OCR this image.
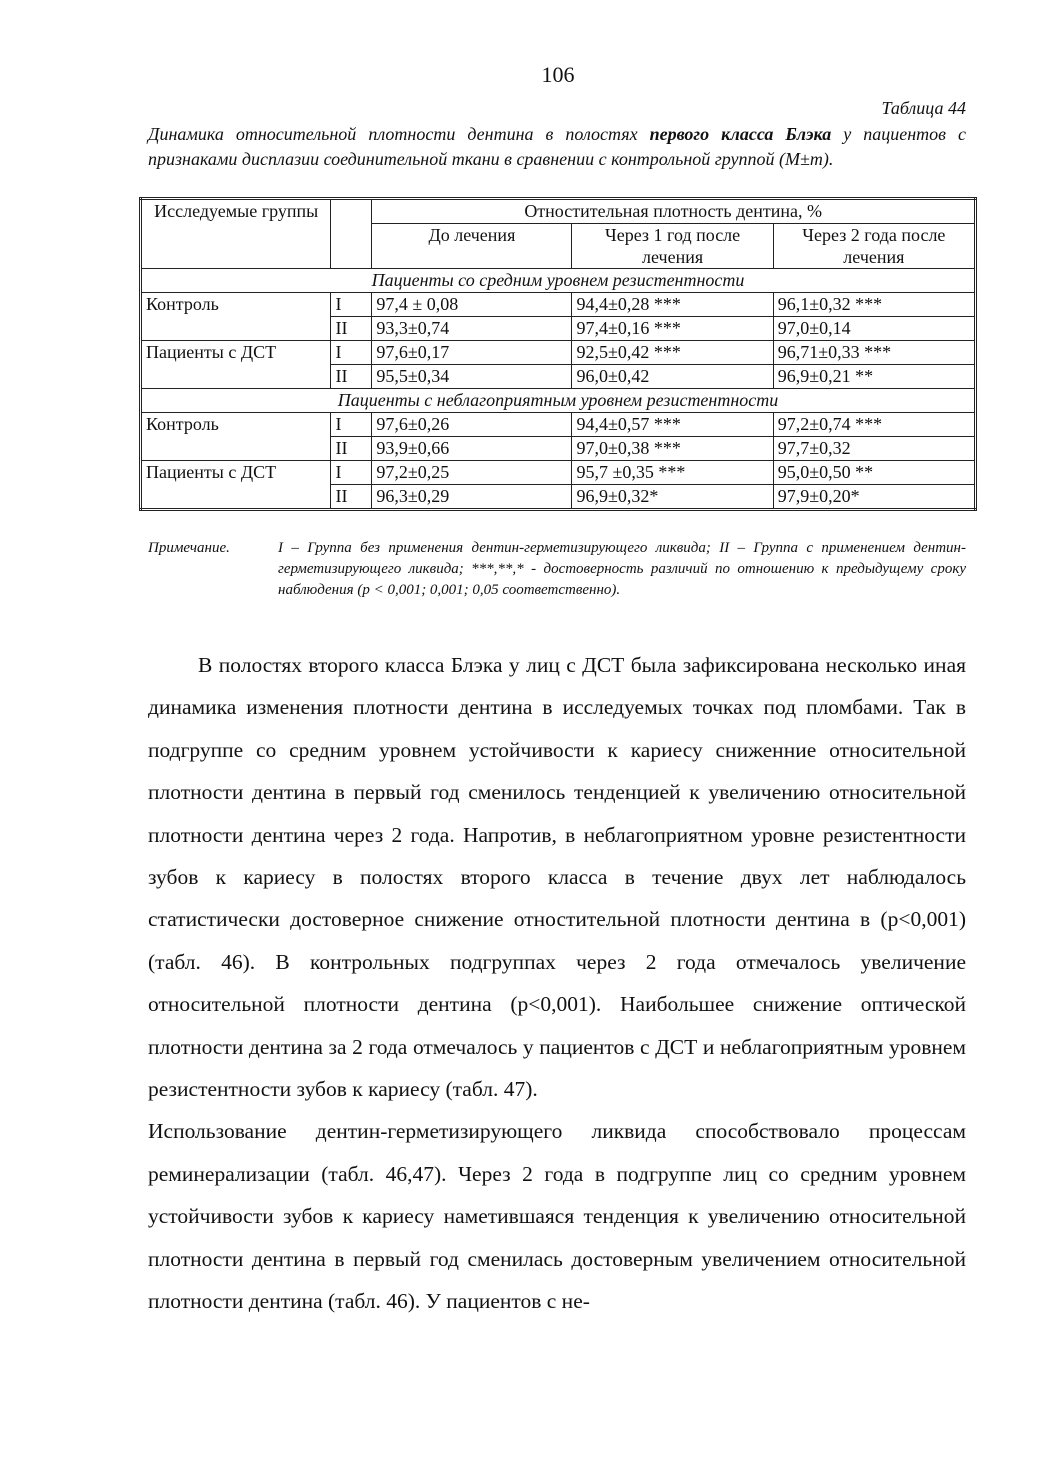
106
Таблица 44
Динамика относительной плотности дентина в полостях первого класса Блэка у пациентов с признаками дисплазии соединительной ткани в сравнении с контрольной группой (M±m).
Исследуемые группы		Отностительная плотность дентина, %		
		До лечения	Через 1 год после лечения	Через 2 года после лечения
Пациенты со средним уровнем резистентности				
Контроль	I	97,4 ± 0,08	94,4±0,28 ***	96,1±0,32 ***
	II	93,3±0,74	97,4±0,16 ***	97,0±0,14
Пациенты с ДСТ	I	97,6±0,17	92,5±0,42 ***	96,71±0,33 ***
	II	95,5±0,34	96,0±0,42	96,9±0,21 **
Пациенты с неблагоприятным уровнем резистентности				
Контроль	I	97,6±0,26	94,4±0,57 ***	97,2±0,74 ***
	II	93,9±0,66	97,0±0,38 ***	97,7±0,32
Пациенты с ДСТ	I	97,2±0,25	95,7 ±0,35 ***	95,0±0,50 **
	II	96,3±0,29	96,9±0,32*	97,9±0,20*
Примечание.	I – Группа без применения дентин-герметизирующего ликвида; II – Группа с применением дентин-герметизирующего ликвида; ***,**,* - достоверность различий по отношению к предыдущему сроку наблюдения (p < 0,001; 0,001; 0,05 соответственно).

В полостях второго класса Блэка у лиц с ДСТ была зафиксирована несколько иная динамика изменения плотности дентина в исследуемых точках под пломбами. Так в подгруппе со средним уровнем устойчивости к кариесу сниженние относительной плотности дентина в первый год сменилось тенденцией к увеличению относительной плотности дентина через 2 года. Напротив, в неблагоприятном уровне резистентности зубов к кариесу в полостях второго класса в течение двух лет наблюдалось статистически достоверное снижение отностительной плотности дентина в (р<0,001) (табл. 46). В контрольных подгруппах через 2 года отмечалось увеличение относительной плотности дентина (р<0,001). Наибольшее снижение оптической плотности дентина за 2 года отмечалось у пациентов с ДСТ и неблагоприятным уровнем резистентности зубов к кариесу (табл. 47).

Использование дентин-герметизирующего ликвида способствовало процессам реминерализации (табл. 46,47). Через 2 года в подгруппе лиц со средним уровнем устойчивости зубов к кариесу наметившаяся тенденция к увеличению относительной плотности дентина в первый год сменилась достоверным увеличением относительной плотности дентина (табл. 46). У пациентов с не-
